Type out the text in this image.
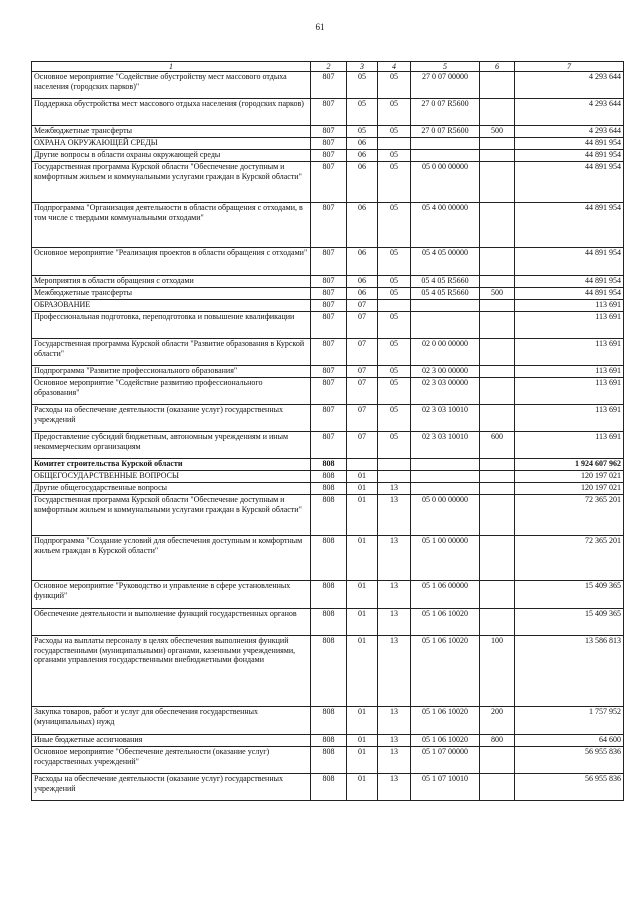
61
1	2	3	4	5	6	7
Основное мероприятие "Содействие обустройству мест массового отдыха населения (городских парков)"	807	05	05	27 0 07 00000		4 293 644
Поддержка обустройства мест массового отдыха населения (городских парков)	807	05	05	27 0 07 R5600		4 293 644
Межбюджетные трансферты	807	05	05	27 0 07 R5600	500	4 293 644
ОХРАНА ОКРУЖАЮЩЕЙ СРЕДЫ	807	06				44 891 954
Другие вопросы в области охраны окружающей среды	807	06	05			44 891 954
Государственная программа Курской области "Обеспечение доступным и комфортным жильем и коммунальными услугами граждан в Курской области"	807	06	05	05 0 00 00000		44 891 954
Подпрограмма "Организация деятельности в области обращения с отходами, в том числе с твердыми коммунальными отходами"	807	06	05	05 4 00 00000		44 891 954
Основное мероприятие "Реализация проектов в области обращения с отходами"	807	06	05	05 4 05 00000		44 891 954
Мероприятия в области обращения с отходами	807	06	05	05 4 05 R5660		44 891 954
Межбюджетные трансферты	807	06	05	05 4 05 R5660	500	44 891 954
ОБРАЗОВАНИЕ	807	07				113 691
Профессиональная подготовка, переподготовка и повышение квалификации	807	07	05			113 691
Государственная программа Курской области "Развитие образования в Курской области"	807	07	05	02 0 00 00000		113 691
Подпрограмма "Развитие профессионального образования"	807	07	05	02 3 00 00000		113 691
Основное мероприятие "Содействие развитию профессионального образования"	807	07	05	02 3 03 00000		113 691
Расходы на обеспечение деятельности (оказание услуг) государственных учреждений	807	07	05	02 3 03 10010		113 691
Предоставление субсидий бюджетным, автономным учреждениям и иным некоммерческим организациям	807	07	05	02 3 03 10010	600	113 691
Комитет строительства Курской области	808					1 924 607 962
ОБЩЕГОСУДАРСТВЕННЫЕ ВОПРОСЫ	808	01				120 197 021
Другие общегосударственные вопросы	808	01	13			120 197 021
Государственная программа Курской области "Обеспечение доступным и комфортным жильем и коммунальными услугами граждан в Курской области"	808	01	13	05 0 00 00000		72 365 201
Подпрограмма "Создание условий для обеспечения доступным и комфортным жильем граждан в Курской области"	808	01	13	05 1 00 00000		72 365 201
Основное мероприятие "Руководство и управление в сфере установленных функций"	808	01	13	05 1 06 00000		15 409 365
Обеспечение деятельности и выполнение функций государственных органов	808	01	13	05 1 06 10020		15 409 365
Расходы на выплаты персоналу в целях обеспечения выполнения функций государственными (муниципальными) органами, казенными учреждениями, органами управления государственными внебюджетными фондами	808	01	13	05 1 06 10020	100	13 586 813
Закупка товаров, работ и услуг для обеспечения государственных (муниципальных) нужд	808	01	13	05 1 06 10020	200	1 757 952
Иные бюджетные ассигнования	808	01	13	05 1 06 10020	800	64 600
Основное мероприятие "Обеспечение деятельности (оказание услуг) государственных учреждений"	808	01	13	05 1 07 00000		56 955 836
Расходы на обеспечение деятельности (оказание услуг) государственных учреждений	808	01	13	05 1 07 10010		56 955 836
